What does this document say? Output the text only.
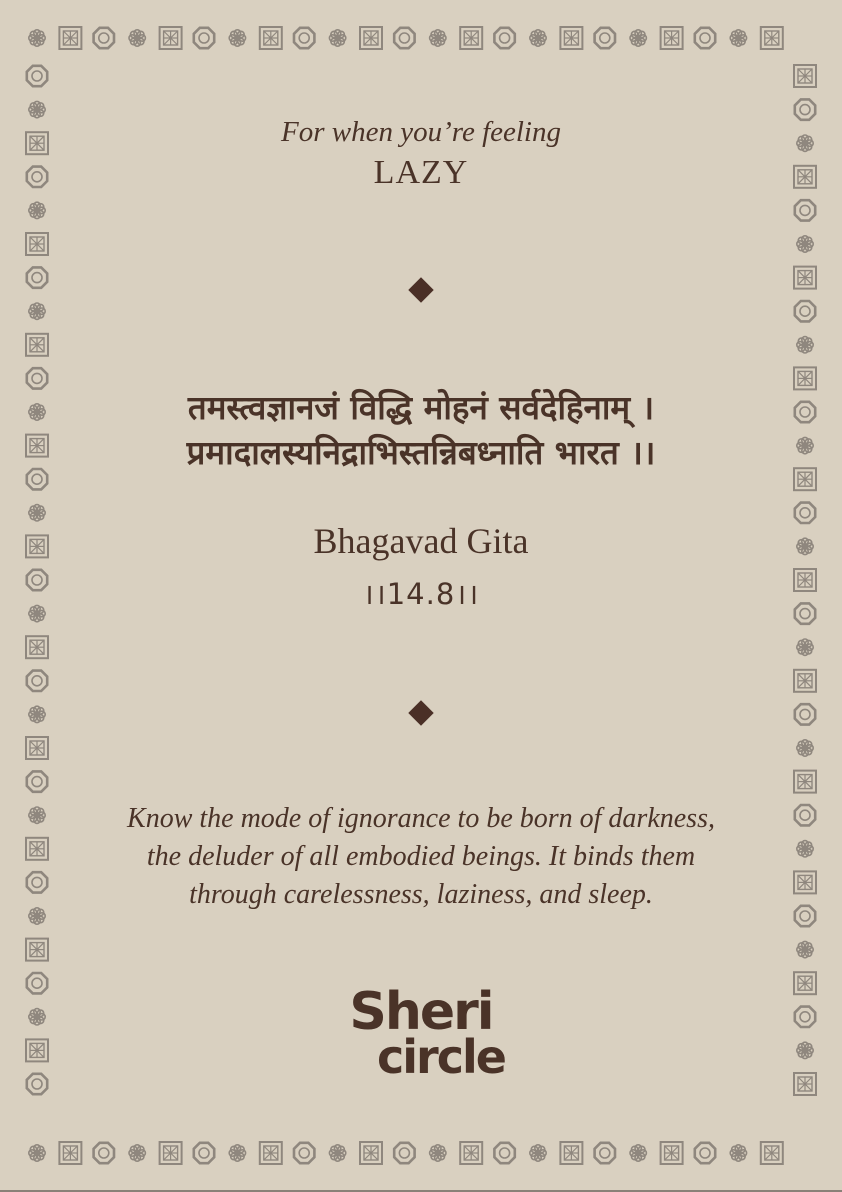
For when you’re feeling
LAZY
तमस्त्वज्ञानजं विद्धि मोहनं सर्वदेहिनाम् ।
प्रमादालस्यनिद्राभिस्तन्निबध्नाति भारत ।।
Bhagavad Gita
।।14.8।।
Know the mode of ignorance to be born of darkness,
the deluder of all embodied beings. It binds them
through carelessness, laziness, and sleep.
Sheri
circle
